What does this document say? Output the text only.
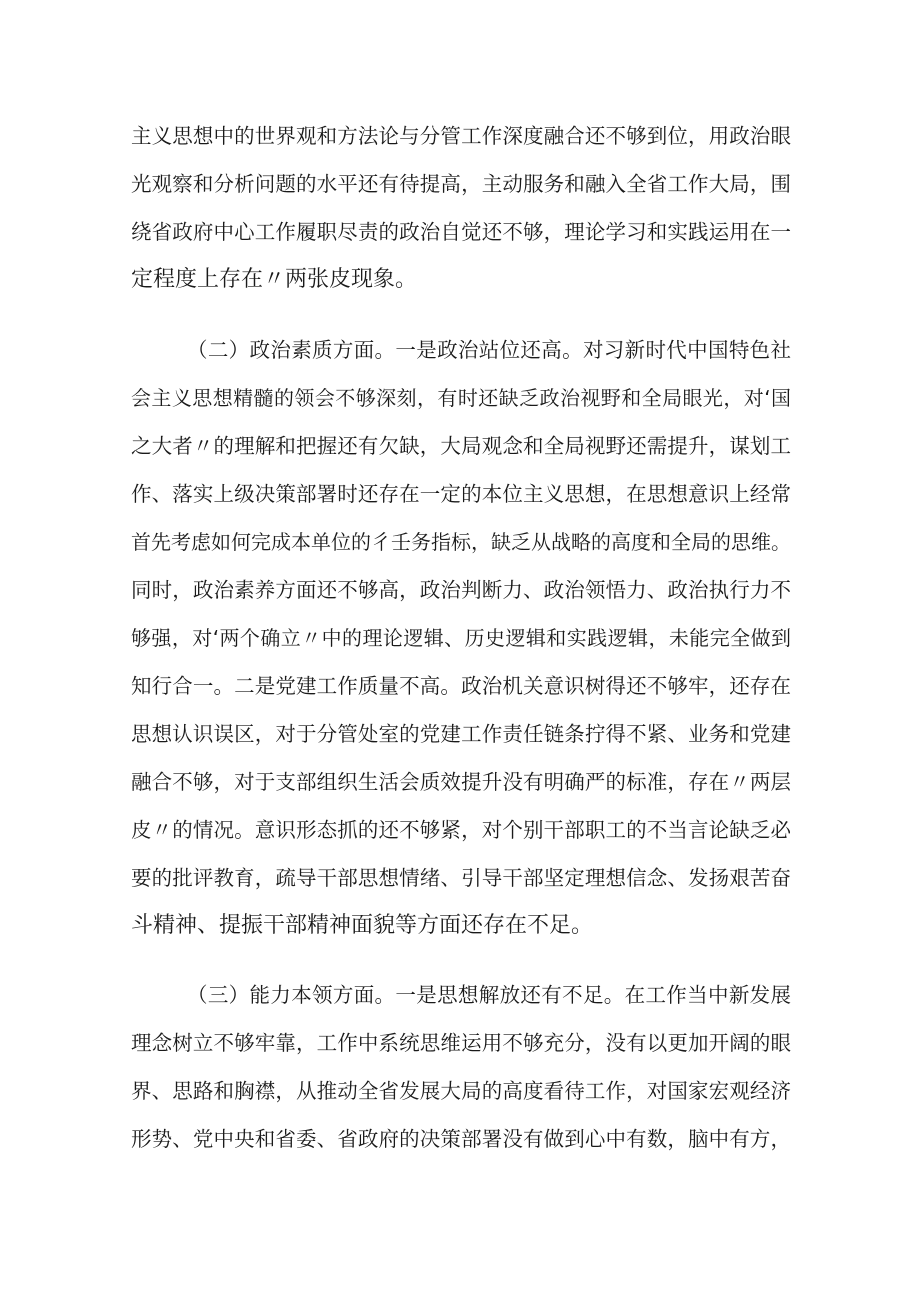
主义思想中的世界观和方法论与分管工作深度融合还不够到位，用政治眼
光观察和分析问题的水平还有待提高，主动服务和融入全省工作大局，围
绕省政府中心工作履职尽责的政治自觉还不够，理论学习和实践运用在一
定程度上存在〃两张皮现象。
（二）政治素质方面。一是政治站位还高。对习新时代中国特色社
会主义思想精髓的领会不够深刻，有时还缺乏政治视野和全局眼光，对‘国
之大者〃的理解和把握还有欠缺，大局观念和全局视野还需提升，谋划工
作、落实上级决策部署时还存在一定的本位主义思想，在思想意识上经常
首先考虑如何完成本单位的彳壬务指标，缺乏从战略的高度和全局的思维。
同时，政治素养方面还不够高，政治判断力、政治领悟力、政治执行力不
够强，对‘两个确立〃中的理论逻辑、历史逻辑和实践逻辑，未能完全做到
知行合一。二是党建工作质量不高。政治机关意识树得还不够牢，还存在
思想认识误区，对于分管处室的党建工作责任链条拧得不紧、业务和党建
融合不够，对于支部组织生活会质效提升没有明确严的标准，存在〃两层
皮〃的情况。意识形态抓的还不够紧，对个别干部职工的不当言论缺乏必
要的批评教育，疏导干部思想情绪、引导干部坚定理想信念、发扬艰苦奋
斗精神、提振干部精神面貌等方面还存在不足。
（三）能力本领方面。一是思想解放还有不足。在工作当中新发展
理念树立不够牢靠，工作中系统思维运用不够充分，没有以更加开阔的眼
界、思路和胸襟，从推动全省发展大局的高度看待工作，对国家宏观经济
形势、党中央和省委、省政府的决策部署没有做到心中有数，脑中有方，
